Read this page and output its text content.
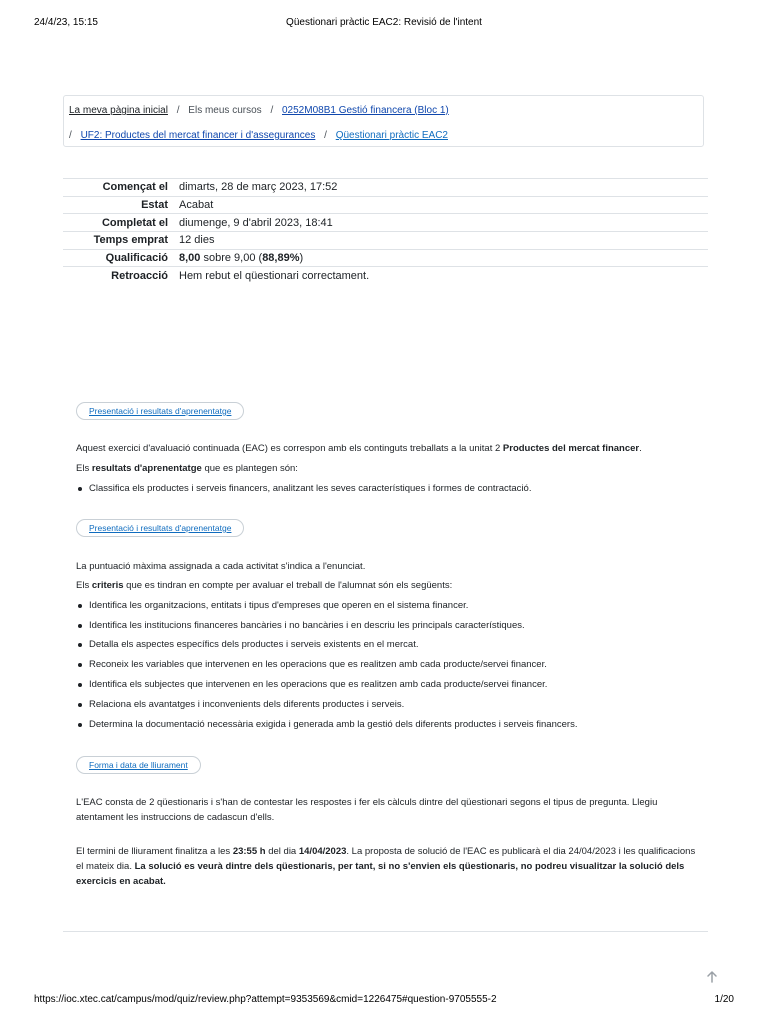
24/4/23, 15:15	Qüestionari pràctic EAC2: Revisió de l'intent
La meva pàgina inicial / Els meus cursos / 0252M08B1 Gestió financera (Bloc 1)
/ UF2: Productes del mercat financer i d'assegurances / Qüestionari pràctic EAC2
Començat el	dimarts, 28 de març 2023, 17:52
Estat	Acabat
Completat el	diumenge, 9 d'abril 2023, 18:41
Temps emprat	12 dies
Qualificació	8,00 sobre 9,00 (88,89%)
Retroacció	Hem rebut el qüestionari correctament.
Presentació i resultats d'aprenentatge

Aquest exercici d'avaluació continuada (EAC) es correspon amb els continguts treballats a la unitat 2 Productes del mercat financer.

Els resultats d'aprenentatge que es plantegen són:

Classifica els productes i serveis financers, analitzant les seves característiques i formes de contractació.

Presentació i resultats d'aprenentatge

La puntuació màxima assignada a cada activitat s'indica a l'enunciat.

Els criteris que es tindran en compte per avaluar el treball de l'alumnat són els següents:

Identifica les organitzacions, entitats i tipus d'empreses que operen en el sistema financer.

Identifica les institucions financeres bancàries i no bancàries i en descriu les principals característiques.

Detalla els aspectes específics dels productes i serveis existents en el mercat.

Reconeix les variables que intervenen en les operacions que es realitzen amb cada producte/servei financer.

Identifica els subjectes que intervenen en les operacions que es realitzen amb cada producte/servei financer.

Relaciona els avantatges i inconvenients dels diferents productes i serveis.

Determina la documentació necessària exigida i generada amb la gestió dels diferents productes i serveis financers.

Forma i data de lliurament

L'EAC consta de 2 qüestionaris i s'han de contestar les respostes i fer els càlculs dintre del qüestionari segons el tipus de pregunta. Llegiu atentament les instruccions de cadascun d'ells.

El termini de lliurament finalitza a les 23:55 h del dia 14/04/2023. La proposta de solució de l'EAC es publicarà el dia 24/04/2023 i les qualificacions el mateix dia. La solució es veurà dintre dels qüestionaris, per tant, si no s'envien els qüestionaris, no podreu visualitzar la solució dels exercicis en acabat.

https://ioc.xtec.cat/campus/mod/quiz/review.php?attempt=9353569&cmid=1226475#question-9705555-2	1/20
